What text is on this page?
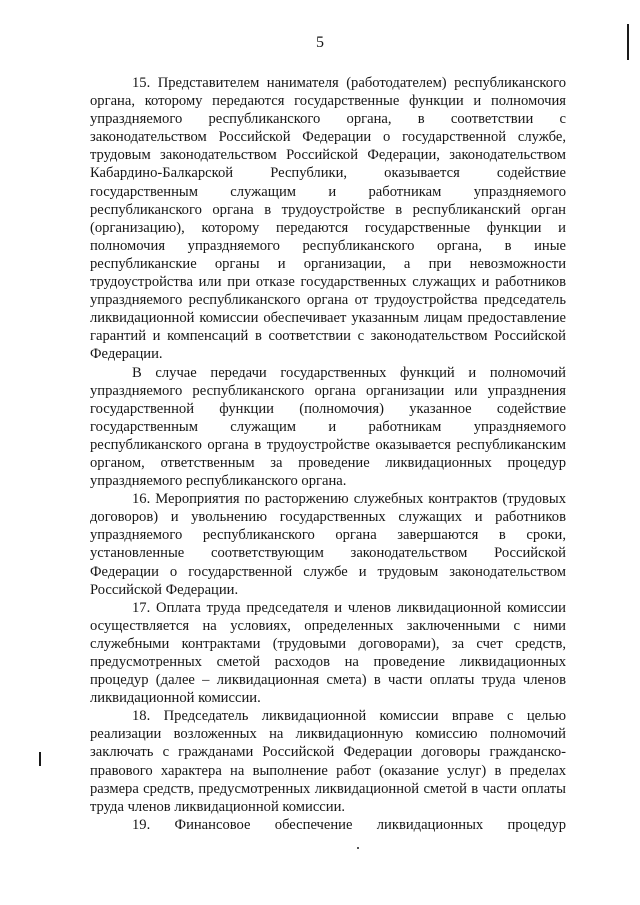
5

15. Представителем нанимателя (работодателем) республиканского органа, которому передаются государственные функции и полномочия упраздняемого республиканского органа, в соответствии с законодательством Российской Федерации о государственной службе, трудовым законодательством Российской Федерации, законодательством Кабардино-Балкарской Республики, оказывается содействие государственным служащим и работникам упраздняемого республиканского органа в трудоустройстве в республиканский орган (организацию), которому передаются государственные функции и полномочия упраздняемого республиканского органа, в иные республиканские органы и организации, а при невозможности трудоустройства или при отказе государственных служащих и работников упраздняемого республиканского органа от трудоустройства председатель ликвидационной комиссии обеспечивает указанным лицам предоставление гарантий и компенсаций в соответствии с законодательством Российской Федерации.

В случае передачи государственных функций и полномочий упраздняемого республиканского органа организации или упразднения государственной функции (полномочия) указанное содействие государственным служащим и работникам упраздняемого республиканского органа в трудоустройстве оказывается республиканским органом, ответственным за проведение ликвидационных процедур упраздняемого республиканского органа.

16. Мероприятия по расторжению служебных контрактов (трудовых договоров) и увольнению государственных служащих и работников упраздняемого республиканского органа завершаются в сроки, установленные соответствующим законодательством Российской Федерации о государственной службе и трудовым законодательством Российской Федерации.

17. Оплата труда председателя и членов ликвидационной комиссии осуществляется на условиях, определенных заключенными с ними служебными контрактами (трудовыми договорами), за счет средств, предусмотренных сметой расходов на проведение ликвидационных процедур (далее – ликвидационная смета) в части оплаты труда членов ликвидационной комиссии.

18. Председатель ликвидационной комиссии вправе с целью реализации возложенных на ликвидационную комиссию полномочий заключать с гражданами Российской Федерации договоры гражданско-правового характера на выполнение работ (оказание услуг) в пределах размера средств, предусмотренных ликвидационной сметой в части оплаты труда членов ликвидационной комиссии.

19. Финансовое обеспечение ликвидационных процедур
